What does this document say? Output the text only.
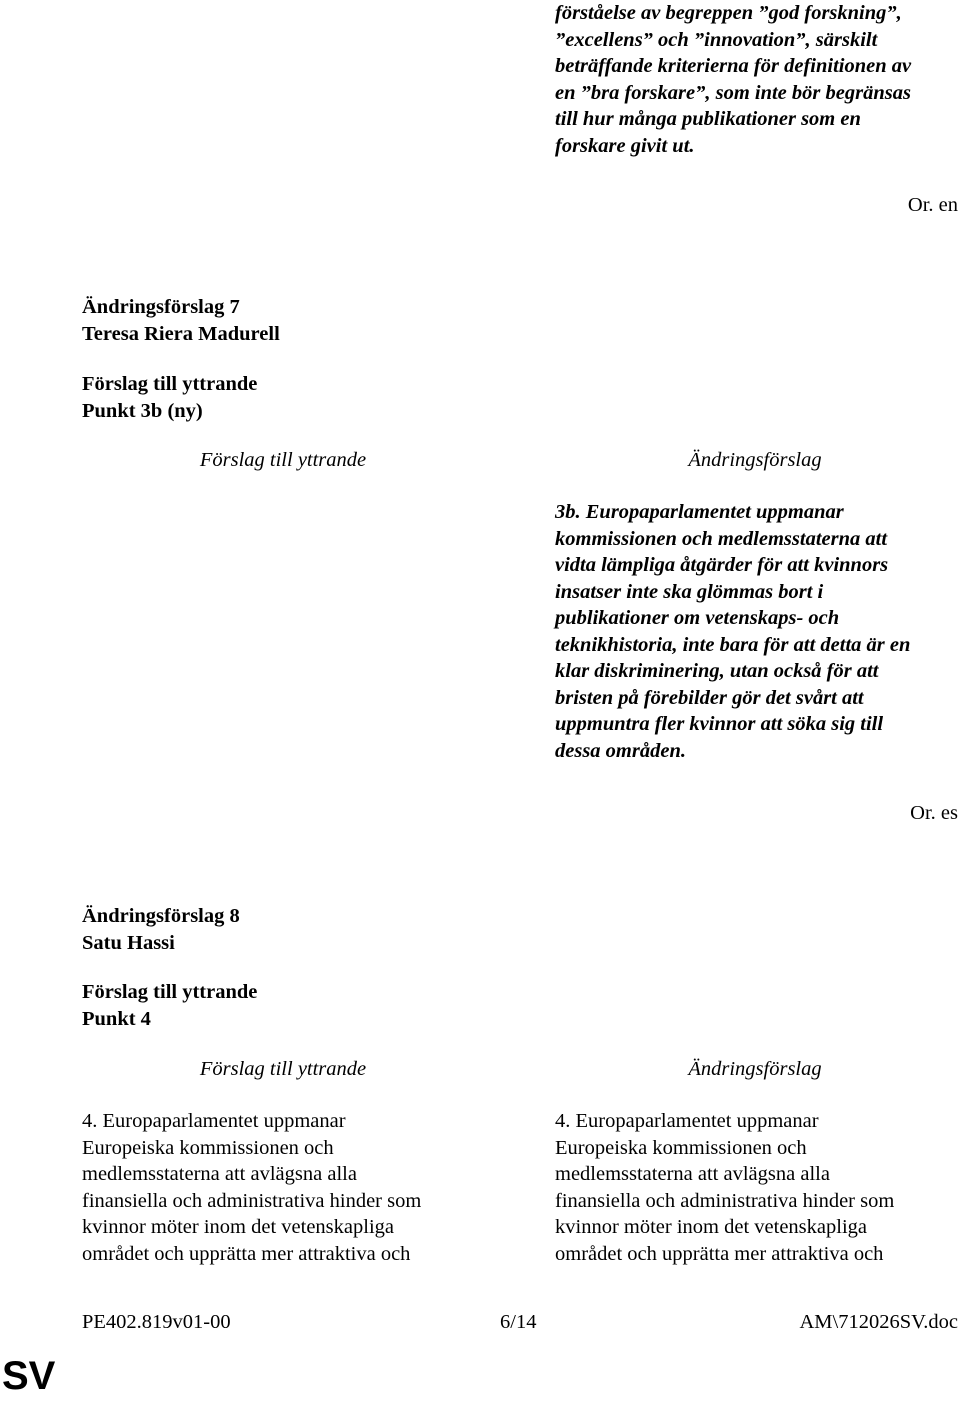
förståelse av begreppen ”god forskning”,
”excellens” och ”innovation”, särskilt
beträffande kriterierna för definitionen av
en ”bra forskare”, som inte bör begränsas
till hur många publikationer som en
forskare givit ut.
Or. en
Ändringsförslag 7
Teresa Riera Madurell
Förslag till yttrande
Punkt 3b (ny)
Förslag till yttrande	Ändringsförslag
3b. Europaparlamentet uppmanar
kommissionen och medlemsstaterna att
vidta lämpliga åtgärder för att kvinnors
insatser inte ska glömmas bort i
publikationer om vetenskaps- och
teknikhistoria, inte bara för att detta är en
klar diskriminering, utan också för att
bristen på förebilder gör det svårt att
uppmuntra fler kvinnor att söka sig till
dessa områden.
Or. es
Ändringsförslag 8
Satu Hassi
Förslag till yttrande
Punkt 4
Förslag till yttrande	Ändringsförslag
4. Europaparlamentet uppmanar
Europeiska kommissionen och
medlemsstaterna att avlägsna alla
finansiella och administrativa hinder som
kvinnor möter inom det vetenskapliga
området och upprätta mer attraktiva och
4. Europaparlamentet uppmanar
Europeiska kommissionen och
medlemsstaterna att avlägsna alla
finansiella och administrativa hinder som
kvinnor möter inom det vetenskapliga
området och upprätta mer attraktiva och
PE402.819v01-00	6/14	AM\712026SV.doc
SV
